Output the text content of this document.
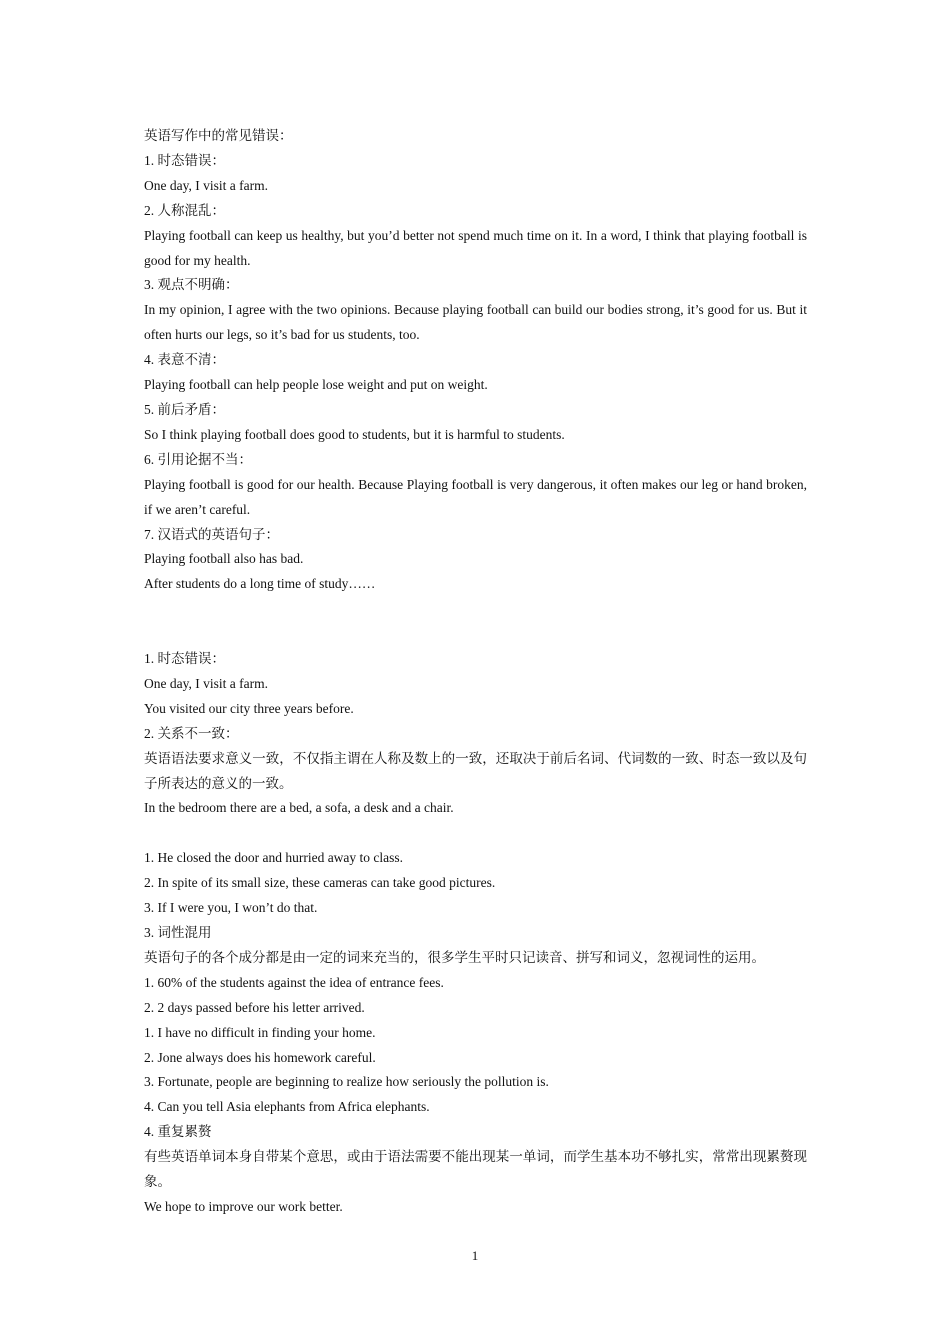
英语写作中的常见错误：

1. 时态错误：

One day, I visit a farm.

2. 人称混乱：

Playing football can keep us healthy, but you’d better not spend much time on it. In a word, I think that playing football is good for my health.

3. 观点不明确：

In my opinion, I agree with the two opinions. Because playing football can build our bodies strong, it’s good for us. But it often hurts our legs, so it’s bad for us students, too.

4. 表意不清：

Playing football can help people lose weight and put on weight.

5. 前后矛盾：

So I think playing football does good to students, but it is harmful to students.

6. 引用论据不当：

Playing football is good for our health. Because Playing football is very dangerous, it often makes our leg or hand broken, if we aren’t careful.

7. 汉语式的英语句子：

Playing football also has bad.

After students do a long time of study……

1. 时态错误：

One day, I visit a farm.

You visited our city three years before.

2. 关系不一致：

英语语法要求意义一致，不仅指主谓在人称及数上的一致，还取决于前后名词、代词数的一致、时态一致以及句子所表达的意义的一致。

In the bedroom there are a bed, a sofa, a desk and a chair.

1. He closed the door and hurried away to class.

2. In spite of its small size, these cameras can take good pictures.

3. If I were you, I won’t do that.

3. 词性混用

英语句子的各个成分都是由一定的词来充当的，很多学生平时只记读音、拼写和词义，忽视词性的运用。

1. 60% of the students against the idea of entrance fees.

2. 2 days passed before his letter arrived.

1. I have no difficult in finding your home.

2. Jone always does his homework careful.

3. Fortunate, people are beginning to realize how seriously the pollution is.

4. Can you tell Asia elephants from Africa elephants.

4. 重复累赘

有些英语单词本身自带某个意思，或由于语法需要不能出现某一单词，而学生基本功不够扎实，常常出现累赘现象。

We hope to improve our work better.

1
